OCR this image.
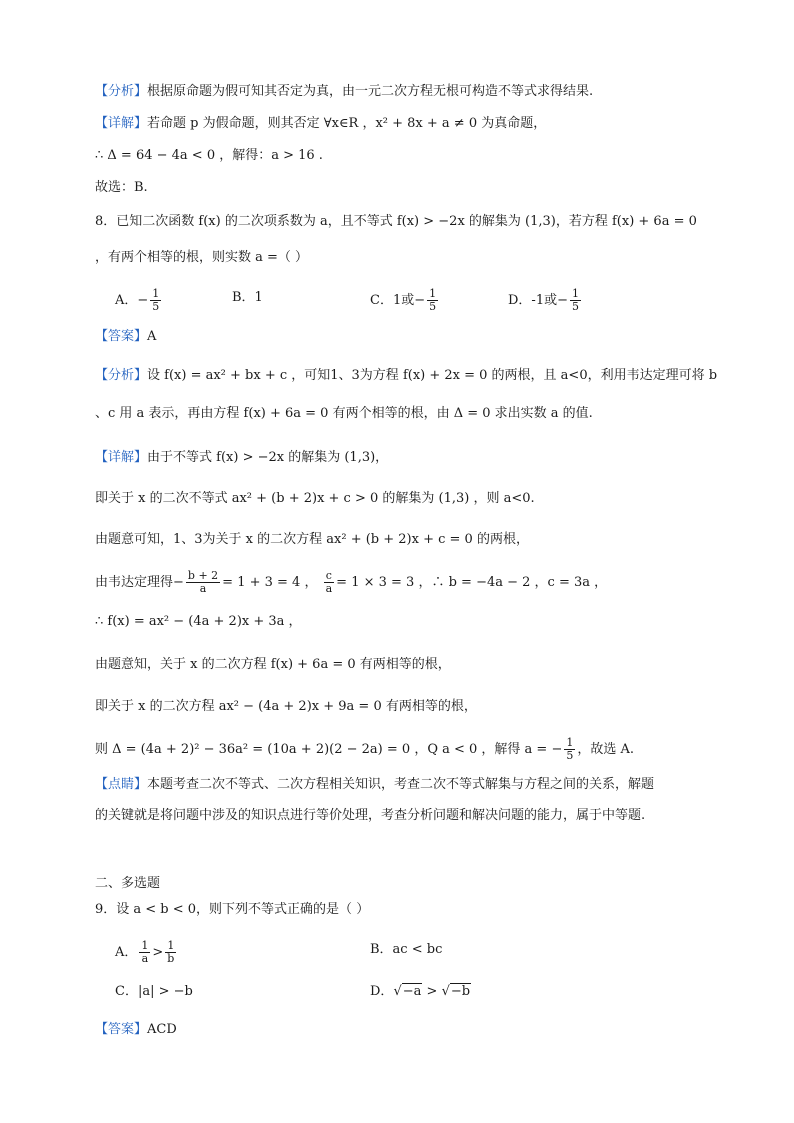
【分析】根据原命题为假可知其否定为真，由一元二次方程无根可构造不等式求得结果.
【详解】若命题 p 为假命题，则其否定 ∀x∈R ，x² + 8x + a ≠ 0 为真命题，
∴ Δ = 64 − 4a < 0 ，解得：a > 16 .
故选：B.
8．已知二次函数 f(x) 的二次项系数为 a，且不等式 f(x) > −2x 的解集为 (1,3)，若方程 f(x) + 6a = 0
，有两个相等的根，则实数 a =（ ）
A．− $\frac{1}{5}$	B．1	C．1或− $\frac{1}{5}$	D．-1或− $\frac{1}{5}$
【答案】A
【分析】设 f(x) = ax² + bx + c ，可知1、3为方程 f(x) + 2x = 0 的两根，且 a<0，利用韦达定理可将 b
、c 用 a 表示，再由方程 f(x) + 6a = 0 有两个相等的根，由 Δ = 0 求出实数 a 的值.
【详解】由于不等式 f(x) > −2x 的解集为 (1,3)，
即关于 x 的二次不等式 ax² + (b + 2)x + c > 0 的解集为 (1,3) ，则 a<0.
由题意可知，1、3为关于 x 的二次方程 ax² + (b + 2)x + c = 0 的两根，
由韦达定理得− $\frac{b + 2}{a} = 1 + 3 = 4$ ， $\frac{c}{a} = 1 \times 3 = 3$ ，∴ b = −4a − 2 ，c = 3a ，
∴ f(x) = ax² − (4a + 2)x + 3a ，
由题意知，关于 x 的二次方程 f(x) + 6a = 0 有两相等的根，
即关于 x 的二次方程 ax² − (4a + 2)x + 9a = 0 有两相等的根，
则 Δ = (4a + 2)² − 36a² = (10a + 2)(2 − 2a) = 0 ，Q a < 0 ，解得 a = − $\frac{1}{5}$ ，故选 A.
【点睛】本题考查二次不等式、二次方程相关知识，考查二次不等式解集与方程之间的关系，解题
的关键就是将问题中涉及的知识点进行等价处理，考查分析问题和解决问题的能力，属于中等题.
二、多选题
9．设 a < b < 0，则下列不等式正确的是（ ）
A． $\frac{1}{a} > \frac{1}{b}$	B．ac < bc
C．|a| > −b	D．√−a > √−b
【答案】ACD
